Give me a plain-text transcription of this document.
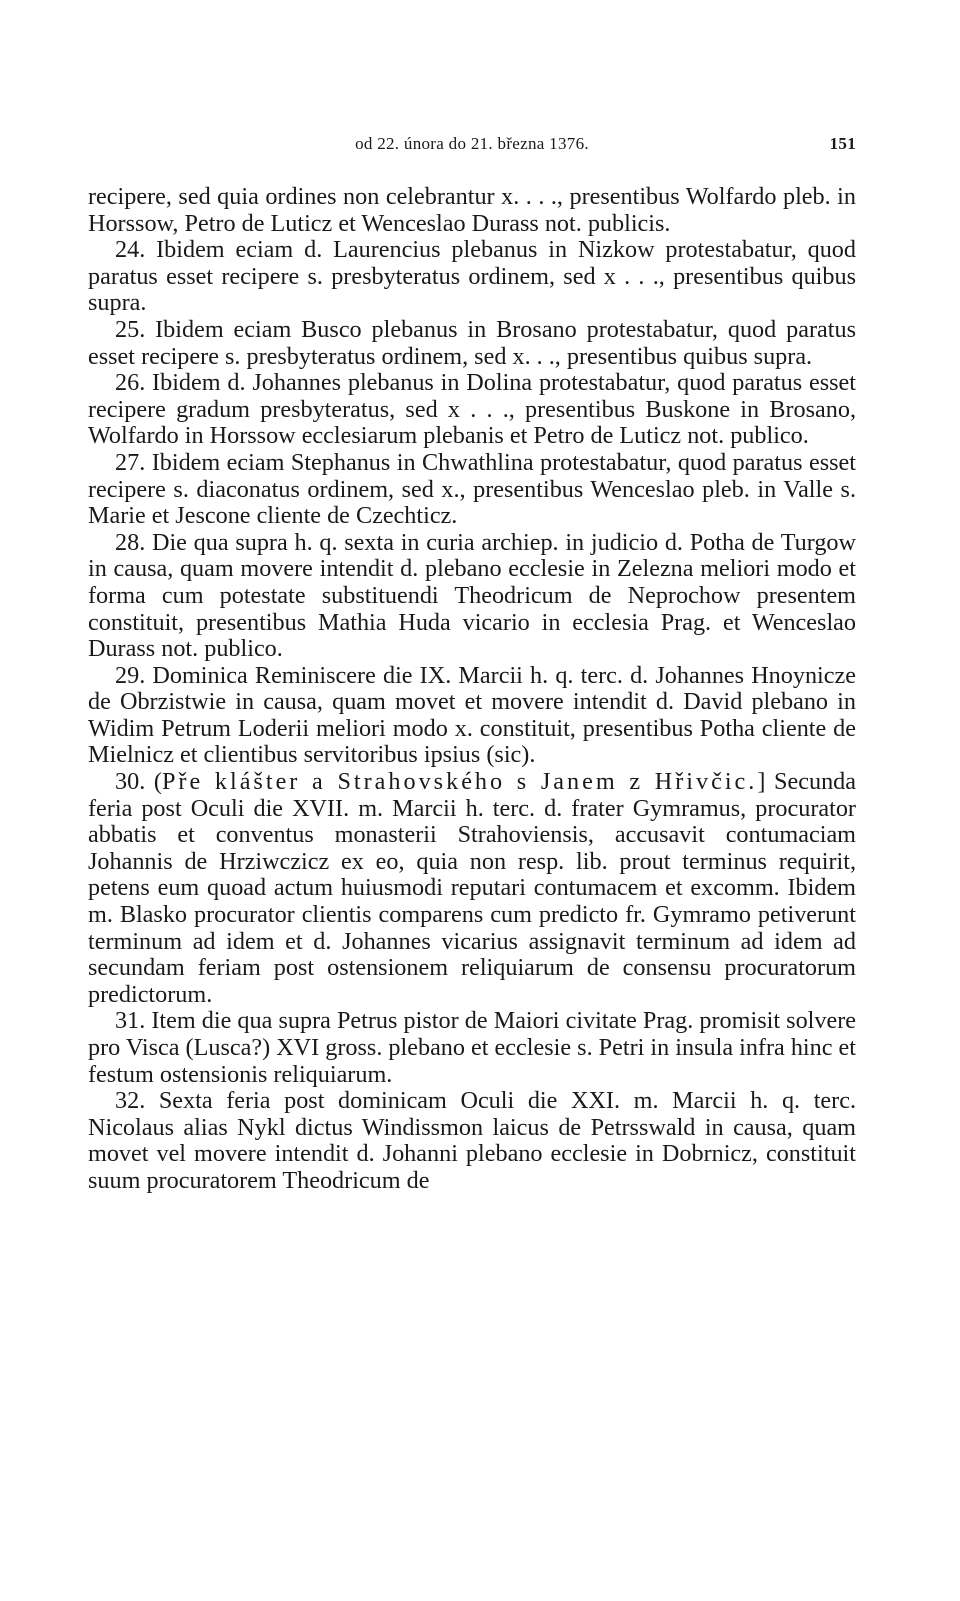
od 22. února do 21. března 1376.	151

recipere, sed quia ordines non celebrantur x. . . ., presentibus Wolfardo pleb. in Horssow, Petro de Luticz et Wenceslao Durass not. publicis.

24. Ibidem eciam d. Laurencius plebanus in Nizkow protestabatur, quod paratus esset recipere s. presbyteratus ordinem, sed x . . ., presentibus quibus supra.

25. Ibidem eciam Busco plebanus in Brosano protestabatur, quod paratus esset recipere s. presbyteratus ordinem, sed x. . ., presentibus quibus supra.

26. Ibidem d. Johannes plebanus in Dolina protestabatur, quod paratus esset recipere gradum presbyteratus, sed x . . ., presentibus Buskone in Brosano, Wolfardo in Horssow ecclesiarum plebanis et Petro de Luticz not. publico.

27. Ibidem eciam Stephanus in Chwathlina protestabatur, quod paratus esset recipere s. diaconatus ordinem, sed x., presentibus Wenceslao pleb. in Valle s. Marie et Jescone cliente de Czechticz.

28. Die qua supra h. q. sexta in curia archiep. in judicio d. Potha de Turgow in causa, quam movere intendit d. plebano ecclesie in Zelezna meliori modo et forma cum potestate substituendi Theodricum de Neprochow presentem constituit, presentibus Mathia Huda vicario in ecclesia Prag. et Wenceslao Durass not. publico.

29. Dominica Reminiscere die IX. Marcii h. q. terc. d. Johannes Hnoynicze de Obrzistwie in causa, quam movet et movere intendit d. David plebano in Widim Petrum Loderii meliori modo x. constituit, presentibus Potha cliente de Mielnicz et clientibus servitoribus ipsius (sic).

30. (Pře klášter a Strahovského s Janem z Hřivčic.] Secunda feria post Oculi die XVII. m. Marcii h. terc. d. frater Gymramus, procurator abbatis et conventus monasterii Strahoviensis, accusavit contumaciam Johannis de Hrziwczicz ex eo, quia non resp. lib. prout terminus requirit, petens eum quoad actum huiusmodi reputari contumacem et excomm. Ibidem m. Blasko procurator clientis comparens cum predicto fr. Gymramo petiverunt terminum ad idem et d. Johannes vicarius assignavit terminum ad idem ad secundam feriam post ostensionem reliquiarum de consensu procuratorum predictorum.

31. Item die qua supra Petrus pistor de Maiori civitate Prag. promisit solvere pro Visca (Lusca?) XVI gross. plebano et ecclesie s. Petri in insula infra hinc et festum ostensionis reliquiarum.

32. Sexta feria post dominicam Oculi die XXI. m. Marcii h. q. terc. Nicolaus alias Nykl dictus Windissmon laicus de Petrsswald in causa, quam movet vel movere intendit d. Johanni plebano ecclesie in Dobrnicz, constituit suum procuratorem Theodricum de
